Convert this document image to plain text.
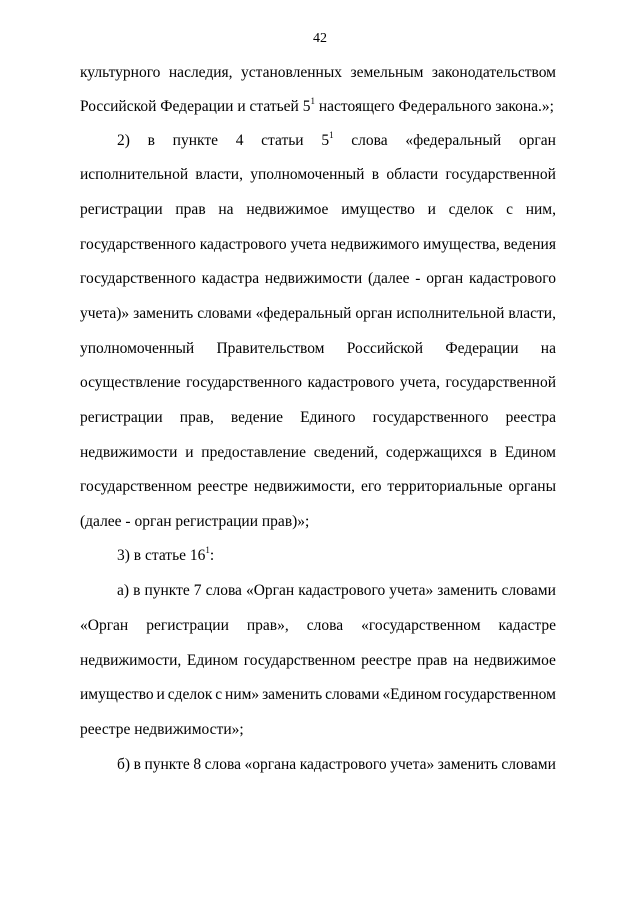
42
культурного наследия, установленных земельным законодательством
Российской Федерации и статьей $5^1$ настоящего Федерального закона.»;
2) в пункте 4 статьи $5^1$ слова «федеральный орган
исполнительной власти, уполномоченный в области государственной
регистрации прав на недвижимое имущество и сделок с ним,
государственного кадастрового учета недвижимого имущества, ведения
государственного кадастра недвижимости (далее - орган кадастрового
учета)» заменить словами «федеральный орган исполнительной власти,
уполномоченный Правительством Российской Федерации на
осуществление государственного кадастрового учета, государственной
регистрации прав, ведение Единого государственного реестра
недвижимости и предоставление сведений, содержащихся в Едином
государственном реестре недвижимости, его территориальные органы
(далее - орган регистрации прав)»;
3) в статье $16^1$:
а) в пункте 7 слова «Орган кадастрового учета» заменить словами
«Орган регистрации прав», слова «государственном кадастре
недвижимости, Едином государственном реестре прав на недвижимое
имущество и сделок с ним» заменить словами «Едином государственном
реестре недвижимости»;
б) в пункте 8 слова «органа кадастрового учета» заменить словами
